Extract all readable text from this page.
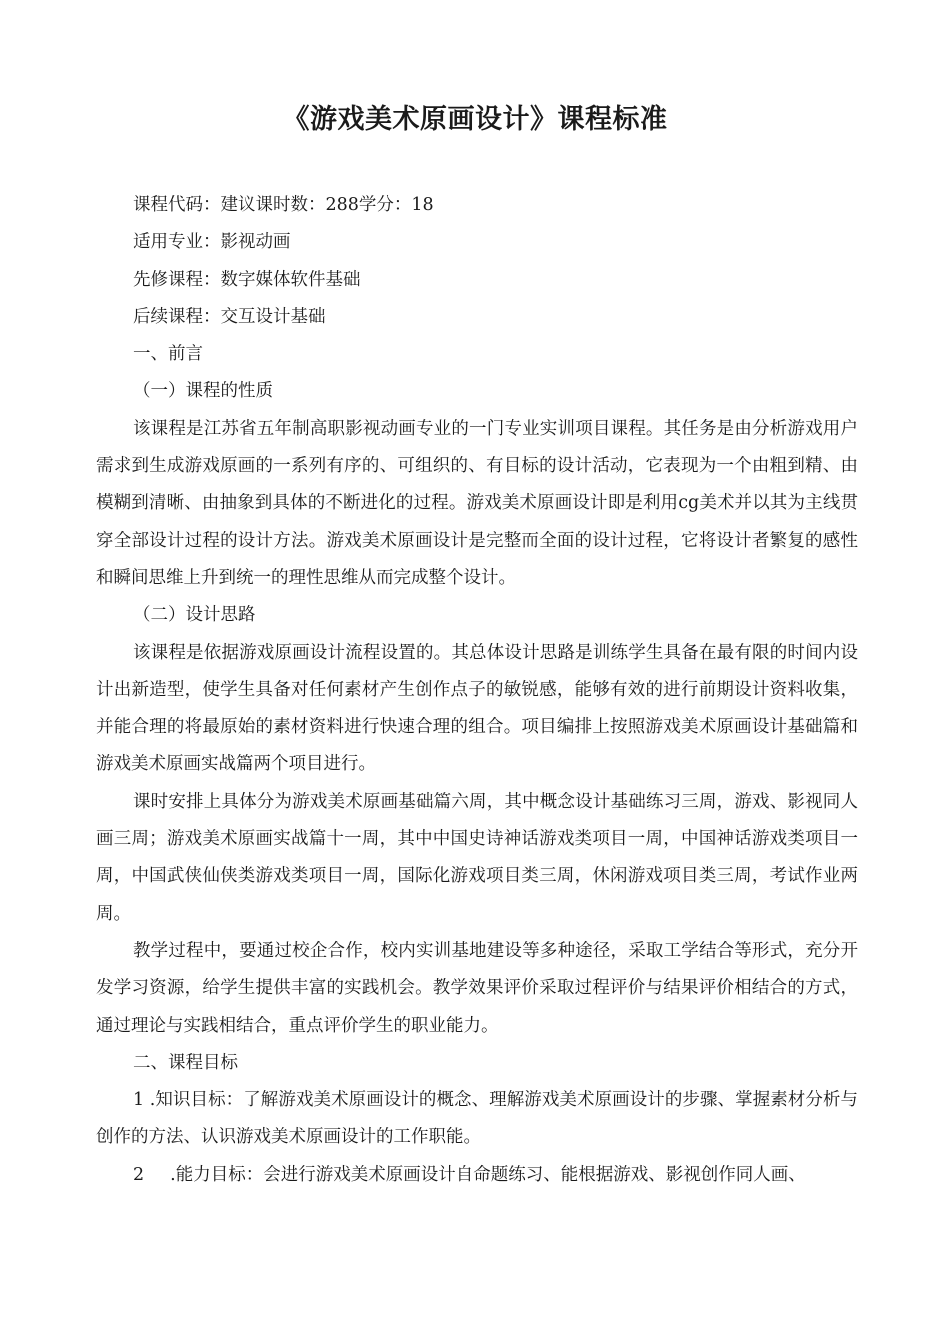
《游戏美术原画设计》课程标准

课程代码：建议课时数：288学分：18

适用专业：影视动画

先修课程：数字媒体软件基础

后续课程：交互设计基础

一、前言

（一）课程的性质

该课程是江苏省五年制高职影视动画专业的一门专业实训项目课程。其任务是由分析游戏用户需求到生成游戏原画的一系列有序的、可组织的、有目标的设计活动，它表现为一个由粗到精、由模糊到清晰、由抽象到具体的不断进化的过程。游戏美术原画设计即是利用cg美术并以其为主线贯穿全部设计过程的设计方法。游戏美术原画设计是完整而全面的设计过程，它将设计者繁复的感性和瞬间思维上升到统一的理性思维从而完成整个设计。

（二）设计思路

该课程是依据游戏原画设计流程设置的。其总体设计思路是训练学生具备在最有限的时间内设计出新造型，使学生具备对任何素材产生创作点子的敏锐感，能够有效的进行前期设计资料收集，并能合理的将最原始的素材资料进行快速合理的组合。项目编排上按照游戏美术原画设计基础篇和游戏美术原画实战篇两个项目进行。

课时安排上具体分为游戏美术原画基础篇六周，其中概念设计基础练习三周，游戏、影视同人画三周；游戏美术原画实战篇十一周，其中中国史诗神话游戏类项目一周，中国神话游戏类项目一周，中国武侠仙侠类游戏类项目一周，国际化游戏项目类三周，休闲游戏项目类三周，考试作业两周。

教学过程中，要通过校企合作，校内实训基地建设等多种途径，采取工学结合等形式，充分开发学习资源，给学生提供丰富的实践机会。教学效果评价采取过程评价与结果评价相结合的方式，通过理论与实践相结合，重点评价学生的职业能力。

二、课程目标

1 .知识目标：了解游戏美术原画设计的概念、理解游戏美术原画设计的步骤、掌握素材分析与创作的方法、认识游戏美术原画设计的工作职能。

2 .能力目标：会进行游戏美术原画设计自命题练习、能根据游戏、影视创作同人画、
